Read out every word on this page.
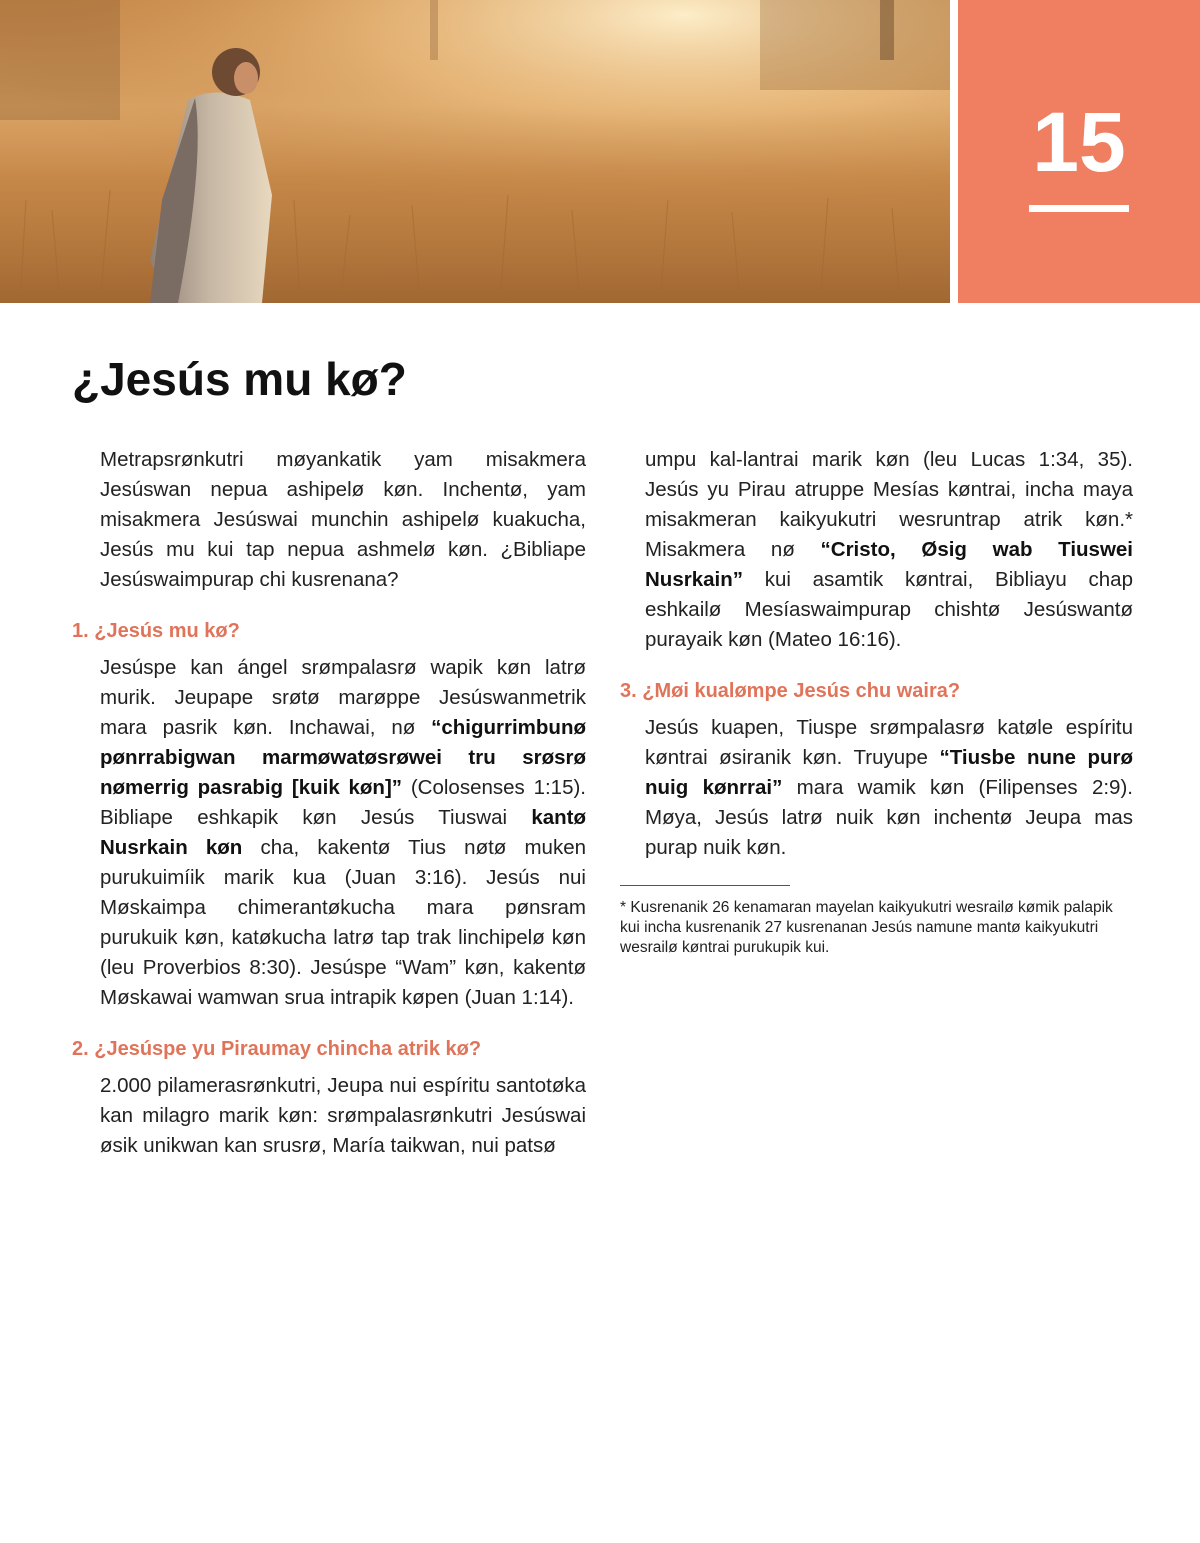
15
¿Jesús mu kø?

Metrapsrønkutri møyankatik yam misakmera Jesúswan nepua ashipelø køn. Inchentø, yam misakmera Jesúswai munchin ashipelø kuakucha, Jesús mu kui tap nepua ashmelø køn. ¿Bibliape Jesúswaimpurap chi kusrenana?

1. ¿Jesús mu kø?

Jesúspe kan ángel srømpalasrø wapik køn latrø murik. Jeupape srøtø marøppe Jesúswanmetrik mara pasrik køn. Inchawai, nø “chigurrimbunø pønrrabigwan marmøwatøsrøwei tru srøsrø nømerrig pasrabig [kuik køn]” (Colosenses 1:15). Bibliape eshkapik køn Jesús Tiuswai kantø Nusrkain køn cha, kakentø Tius nøtø muken purukuimíik marik kua (Juan 3:16). Jesús nui Møskaimpa chimerantøkucha mara pønsram purukuik køn, katøkucha latrø tap trak linchipelø køn (leu Proverbios 8:30). Jesúspe “Wam” køn, kakentø Møskawai wamwan srua intrapik køpen (Juan 1:14).

2. ¿Jesúspe yu Piraumay chincha atrik kø?

2.000 pilamerasrønkutri, Jeupa nui espíritu santotøka kan milagro marik køn: srømpalasrønkutri Jesúswai øsik unikwan kan srusrø, María taikwan, nui patsø

umpu kal-lantrai marik køn (leu Lucas 1:34, 35). Jesús yu Pirau atruppe Mesías køntrai, incha maya misakmeran kaikyukutri wesruntrap atrik køn.* Misakmera nø “Cristo, Øsig wab Tiuswei Nusrkain” kui asamtik køntrai, Bibliayu chap eshkailø Mesíaswaimpurap chishtø Jesúswantø purayaik køn (Mateo 16:16).

3. ¿Møi kualømpe Jesús chu waira?

Jesús kuapen, Tiuspe srømpalasrø katøle espíritu køntrai øsiranik køn. Truyupe “Tiusbe nune purø nuig kønrrai” mara wamik køn (Filipenses 2:9). Møya, Jesús latrø nuik køn inchentø Jeupa mas purap nuik køn.

* Kusrenanik 26 kenamaran mayelan kaikyukutri wesrailø kømik palapik kui incha kusrenanik 27 kusrenanan Jesús namune mantø kaikyukutri wesrailø køntrai purukupik kui.
